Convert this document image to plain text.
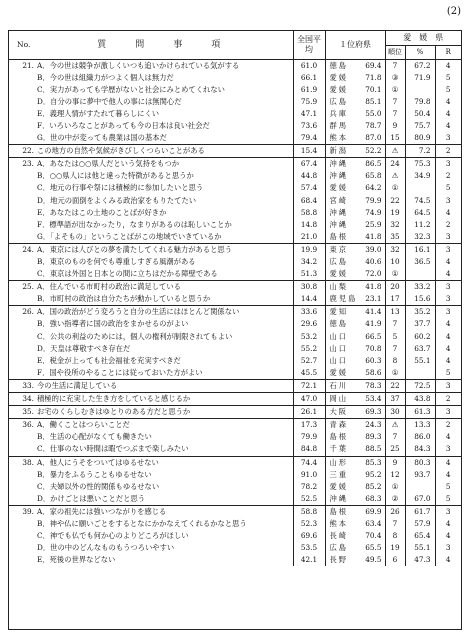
(2)
No.	質　問　事　項	全国平均	１位府県		愛　媛　県		
					順位	%	R
21.	A．今の世は競争が激しくいつも追いかけられている気がする	61.0	徳島	69.4	7	67.2	4
	B．今の世は組織力がつよく個人は無力だ	66.1	愛媛	71.8	③	71.9	5
	C．実力があっても学歴がないと社会にみとめてくれない	61.9	愛媛	70.1	①		5
	D．自分の事に夢中で他人の事には無関心だ	75.9	広島	85.1	7	79.8	4
	E．義理人情がすたれて暮らしにくい	47.1	兵庫	55.0	7	50.4	4
	F．いろいろなことがあっても今の日本は良い社会だ	73.6	群馬	78.7	9	75.7	4
	G．世の中が変っても農業は国の基本だ	79.4	熊本	87.0	15	80.9	3
22.	この地方の自然や気候がきびしくつらいことがある	15.4	新潟	52.2	⚠	7.2	2
23.	A．あなたは○○県人だという気持をもつか	67.4	沖縄	86.5	24	75.3	3
	B．○○県人には他と違った特徴があると思うか	44.8	沖縄	65.8	⚠	34.9	2
	C．地元の行事や祭には積極的に参加したいと思う	57.4	愛媛	64.2	①		5
	D．地元の面倒をよくみる政治家をもりたてたい	68.4	宮崎	79.9	22	74.5	3
	E．あなたはこの土地のことばが好きか	58.8	沖縄	74.9	19	64.5	4
	F．標準語が出なかったり，なまりがあるのは恥しいことか	14.8	沖縄	25.9	32	11.2	2
	G．「よそもの」ということばがこの地域でいきているか	21.0	島根	41.8	35	32.3	3
24.	A．東京には人びとの夢を満たしてくれる魅力があると思う	19.9	東京	39.0	32	16.1	3
	B．東京のものを何でも尊重しすぎる風潮がある	34.2	広島	40.6	10	36.5	4
	C．東京は外国と日本との間に立ちはだかる障壁である	51.3	愛媛	72.0	①		4
25.	A．住んでいる市町村の政治に満足している	30.8	山梨	41.8	20	33.2	3
	B．市町村の政治は自分たちが動かしていると思うか	14.4	鹿児島	23.1	17	15.6	3
26.	A．国の政治がどう変ろうと自分の生活にはほとんど関係ない	33.6	愛知	41.4	13	35.2	3
	B．強い指導者に国の政治をまかせるのがよい	29.6	徳島	41.9	7	37.7	4
	C．公共の利益のためには，個人の権利が制限されてもよい	53.2	山口	66.5	5	60.2	4
	D．天皇は尊敬すべき存在だ	55.2	山口	70.8	7	63.7	4
	E．税金が上っても社会福祉を充実すべきだ	52.7	山口	60.3	8	55.1	4
	F．国や役所のやることには従っておいた方がよい	45.5	愛媛	58.6	①		5
33.	今の生活に満足している	72.1	石川	78.3	22	72.5	3
34.	積極的に充実した生き方をしていると感じるか	47.0	岡山	53.4	37	43.8	2
35.	お宅のくらしむきはゆとりのある方だと思うか	26.1	大阪	69.3	30	61.3	3
36.	A．働くことはつらいことだ	17.3	青森	24.3	⚠	13.3	2
	B．生活の心配がなくても働きたい	79.9	島根	89.3	7	86.0	4
	C．仕事のない時間は暇でつぶまで楽しみたい	84.8	千葉	88.5	25	84.3	3
38.	A．他人にうそをついてはゆるせない	74.4	山形	85.3	9	80.3	4
	B．暴力をふるうこともゆるせない	91.0	三重	95.2	12	93.7	4
	C．夫婦以外の性的関係もゆるせない	78.2	愛媛	85.2	①		5
	D．かけごとは悪いことだと思う	52.5	沖縄	68.3	②	67.0	5
39.	A．家の祖先には強いつながりを感じる	58.8	島根	69.9	26	61.7	3
	B．神や仏に願いごとをするとなにかかなえてくれるかなと思う	52.3	熊本	63.4	7	57.9	4
	C．神でも仏でも何か心のよりどころがほしい	69.6	長崎	70.4	8	65.4	4
	D．世の中のどんなものもうつろいやすい	53.5	広島	65.5	19	55.1	3
	E．死後の世界などない	42.1	長野	49.5	6	47.3	4
